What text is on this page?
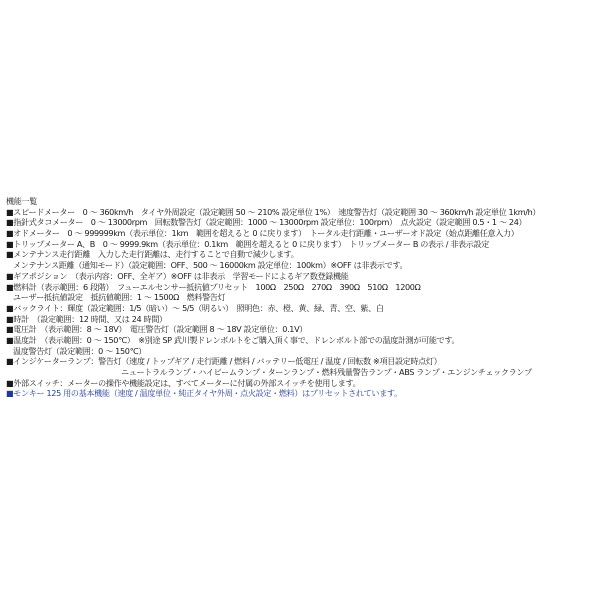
機能一覧
■スピードメーター　0 〜 360km/h　タイヤ外周設定（設定範囲 50 〜 210% 設定単位 1%）　速度警告灯（設定範囲 30 〜 360km/h 設定単位 1km/h）
■指針式タコメーター　0 〜 13000rpm　回転数警告灯（設定範囲：1000 〜 13000rpm 設定単位：100rpm）　点火設定（設定範囲 0.5・1 〜 24）
■オドメーター　0 〜 999999km（表示単位：1km　範囲を超えると 0 に戻ります）　トータル走行距離・ユーザーオド設定（始点距離任意入力）
■トリップメーター A、B　0 〜 9999.9km（表示単位：0.1km　範囲を超えると 0 に戻ります）　トリップメーター B の表示 / 非表示設定
■メンテナンス走行距離　入力した走行距離は、走行することで自動で減少します。
メンテナンス距離（通知モード）（設定範囲：OFF、500 〜 16000km 設定単位：100km）※OFF は非表示です。
■ギアポジション　（表示内容：OFF、全ギア）※OFF は非表示　学習モードによるギア数登録機能
■燃料計（表示範囲：6 段階）　フューエルセンサー抵抗値プリセット　100Ω　250Ω　270Ω　390Ω　510Ω　1200Ω
ユーザー抵抗値設定　抵抗値範囲：1 〜 1500Ω　燃料警告灯
■バックライト：輝度（設定範囲：1/5（暗い）〜 5/5（明るい）　照明色：赤、橙、黄、緑、青、空、紫、白
■時計　（設定範囲：12 時間、又は 24 時間）
■電圧計　（表示範囲：8 〜 18V）　電圧警告灯（設定範囲 8 〜 18V 設定単位：0.1V）
■温度計　（表示範囲：0 〜 150℃）　※別途 SP 武川製ドレンボルトをご購入頂く事で、ドレンボルト部での温度計測が可能です。
温度警告灯（設定範囲：0 〜 150℃）
■インジケーターランプ：警告灯（速度 / トップギア / 走行距離 / 燃料 / バッテリー低電圧 / 温度 / 回転数 ※項目設定時点灯）
ニュートラルランプ・ハイビームランプ・ターンランプ・燃料残量警告ランプ・ABS ランプ・エンジンチェックランプ
■外部スイッチ：メーターの操作や機能設定は、すべてメーターに付属の外部スイッチを使用します。
■モンキー 125 用の基本機能（速度 / 温度単位・純正タイヤ外周・点火設定・燃料）はプリセットされています。
